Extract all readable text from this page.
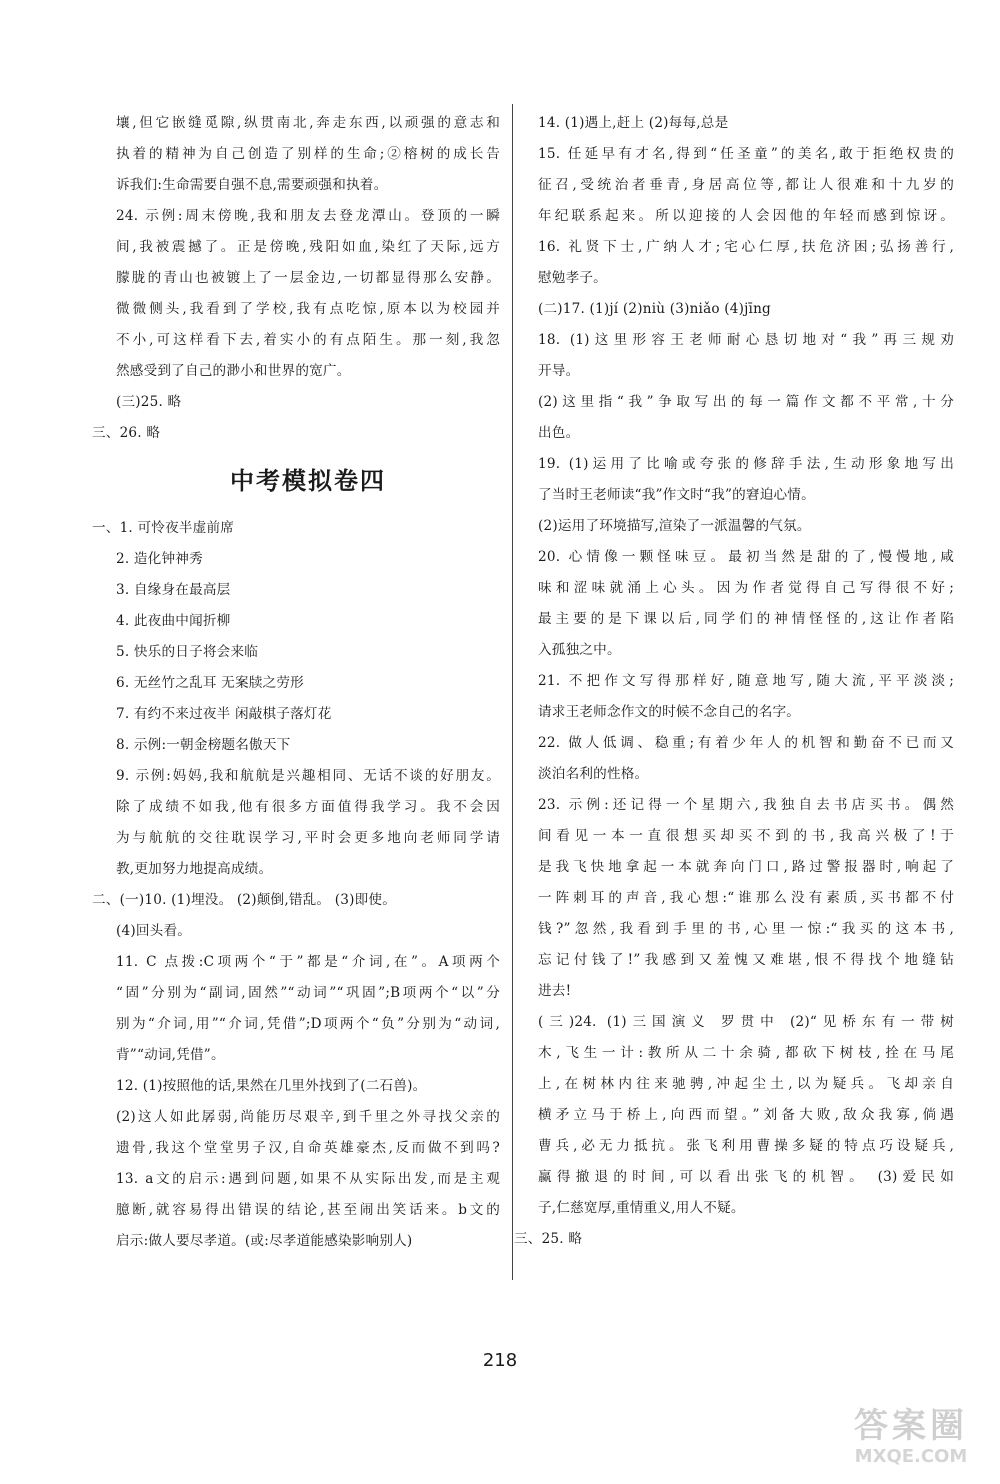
壤,但它嵌缝觅隙,纵贯南北,奔走东西,以顽强的意志和
执着的精神为自己创造了别样的生命;②榕树的成长告
诉我们:生命需要自强不息,需要顽强和执着。
24. 示例:周末傍晚,我和朋友去登龙潭山。登顶的一瞬
间,我被震撼了。正是傍晚,残阳如血,染红了天际,远方
朦胧的青山也被镀上了一层金边,一切都显得那么安静。
微微侧头,我看到了学校,我有点吃惊,原本以为校园并
不小,可这样看下去,着实小的有点陌生。那一刻,我忽
然感受到了自己的渺小和世界的宽广。
(三)25. 略
三、26. 略
中考模拟卷四
一、1. 可怜夜半虚前席
2. 造化钟神秀
3. 自缘身在最高层
4. 此夜曲中闻折柳
5. 快乐的日子将会来临
6. 无丝竹之乱耳 无案牍之劳形
7. 有约不来过夜半 闲敲棋子落灯花
8. 示例:一朝金榜题名傲天下
9. 示例:妈妈,我和航航是兴趣相同、无话不谈的好朋友。
除了成绩不如我,他有很多方面值得我学习。我不会因
为与航航的交往耽误学习,平时会更多地向老师同学请
教,更加努力地提高成绩。
二、(一)10. (1)埋没。 (2)颠倒,错乱。 (3)即使。
(4)回头看。
11. C 点拨:C项两个“于”都是“介词,在”。A项两个
“固”分别为“副词,固然”“动词”“巩固”;B项两个“以”分
别为“介词,用”“介词,凭借”;D项两个“负”分别为“动词,
背”“动词,凭借”。
12. (1)按照他的话,果然在几里外找到了(二石兽)。
(2)这人如此孱弱,尚能历尽艰辛,到千里之外寻找父亲的
遗骨,我这个堂堂男子汉,自命英雄豪杰,反而做不到吗?
13. a文的启示:遇到问题,如果不从实际出发,而是主观
臆断,就容易得出错误的结论,甚至闹出笑话来。b文的
启示:做人要尽孝道。(或:尽孝道能感染影响别人)
14. (1)遇上,赶上 (2)每每,总是
15. 任延早有才名,得到“任圣童”的美名,敢于拒绝权贵的
征召,受统治者垂青,身居高位等,都让人很难和十九岁的
年纪联系起来。所以迎接的人会因他的年轻而感到惊讶。
16. 礼贤下士,广纳人才;宅心仁厚,扶危济困;弘扬善行,
慰勉孝子。
(二)17. (1)jí (2)niù (3)niǎo (4)jīng
18. (1)这里形容王老师耐心恳切地对“我”再三规劝
开导。
(2)这里指“我”争取写出的每一篇作文都不平常,十分
出色。
19. (1)运用了比喻或夸张的修辞手法,生动形象地写出
了当时王老师读“我”作文时“我”的窘迫心情。
(2)运用了环境描写,渲染了一派温馨的气氛。
20. 心情像一颗怪味豆。最初当然是甜的了,慢慢地,咸
味和涩味就涌上心头。因为作者觉得自己写得很不好;
最主要的是下课以后,同学们的神情怪怪的,这让作者陷
入孤独之中。
21. 不把作文写得那样好,随意地写,随大流,平平淡淡;
请求王老师念作文的时候不念自己的名字。
22. 做人低调、稳重;有着少年人的机智和勤奋不已而又
淡泊名利的性格。
23. 示例:还记得一个星期六,我独自去书店买书。偶然
间看见一本一直很想买却买不到的书,我高兴极了!于
是我飞快地拿起一本就奔向门口,路过警报器时,响起了
一阵刺耳的声音,我心想:“谁那么没有素质,买书都不付
钱?”忽然,我看到手里的书,心里一惊:“我买的这本书,
忘记付钱了!”我感到又羞愧又难堪,恨不得找个地缝钻
进去!
(三)24. (1)三国演义 罗贯中 (2)“见桥东有一带树
木,飞生一计:教所从二十余骑,都砍下树枝,拴在马尾
上,在树林内往来驰骋,冲起尘土,以为疑兵。飞却亲自
横矛立马于桥上,向西而望。”刘备大败,敌众我寡,倘遇
曹兵,必无力抵抗。张飞利用曹操多疑的特点巧设疑兵,
赢得撤退的时间,可以看出张飞的机智。 (3)爱民如
子,仁慈宽厚,重情重义,用人不疑。
三、25. 略
218
答案圈
MXQE.COM
